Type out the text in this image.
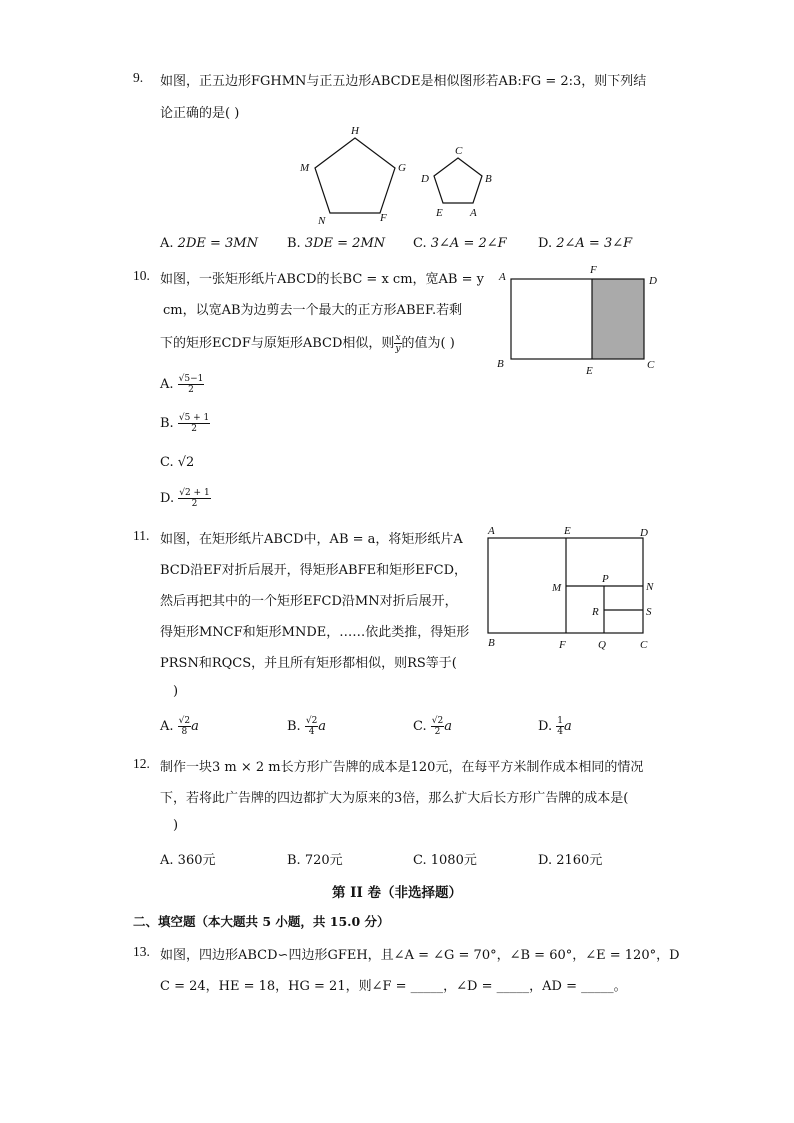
9. 如图，正五边形FGHMN与正五边形ABCDE是相似图形若AB:FG = 2:3，则下列结
论正确的是( )
H
G
F
N
M
C
B
A
E
D
A. 2DE = 3MN B. 3DE = 2MN C. 3∠A = 2∠F D. 2∠A = 3∠F
10. 如图，一张矩形纸片ABCD的长BC = x cm，宽AB = y
cm，以宽AB为边剪去一个最大的正方形ABEF.若剩
下的矩形ECDF与原矩形ABCD相似，则 $\frac{x}{y}$ 的值为( )
A
F
D
B
E	C
A. $\frac{√5-1}{2}$
B. $\frac{√5 + 1}{2}$
C. √2
D. $\frac{√2 + 1}{2}$
11. 如图，在矩形纸片ABCD中，AB = a，将矩形纸片A
BCD沿EF对折后展开，得矩形ABFE和矩形EFCD，
然后再把其中的一个矩形EFCD沿MN对折后展开，
得矩形MNCF和矩形MNDE，……依此类推，得矩形
PRSN和RQCS，并且所有矩形都相似，则RS等于(
)
A	E	D
M
P
N
R	S
B	F	Q	C
A. $\frac{√2}{8}$ a	B. $\frac{√2}{4}$ a	C. $\frac{√2}{2}$ a	D. $\frac{1}{4}$ a
12. 制作一块3 m × 2 m长方形广告牌的成本是120元，在每平方米制作成本相同的情况
下，若将此广告牌的四边都扩大为原来的3倍，那么扩大后长方形广告牌的成本是(
)
A. 360元	B. 720元	C. 1080元	D. 2160元
第 II 卷（非选择题）
二、填空题（本大题共 5 小题，共 15.0 分）
13. 如图，四边形ABCD∽四边形GFEH，且∠A = ∠G = 70°，∠B = 60°，∠E = 120°，D
C = 24，HE = 18，HG = 21，则∠F = _____，∠D = _____，AD = _____。
